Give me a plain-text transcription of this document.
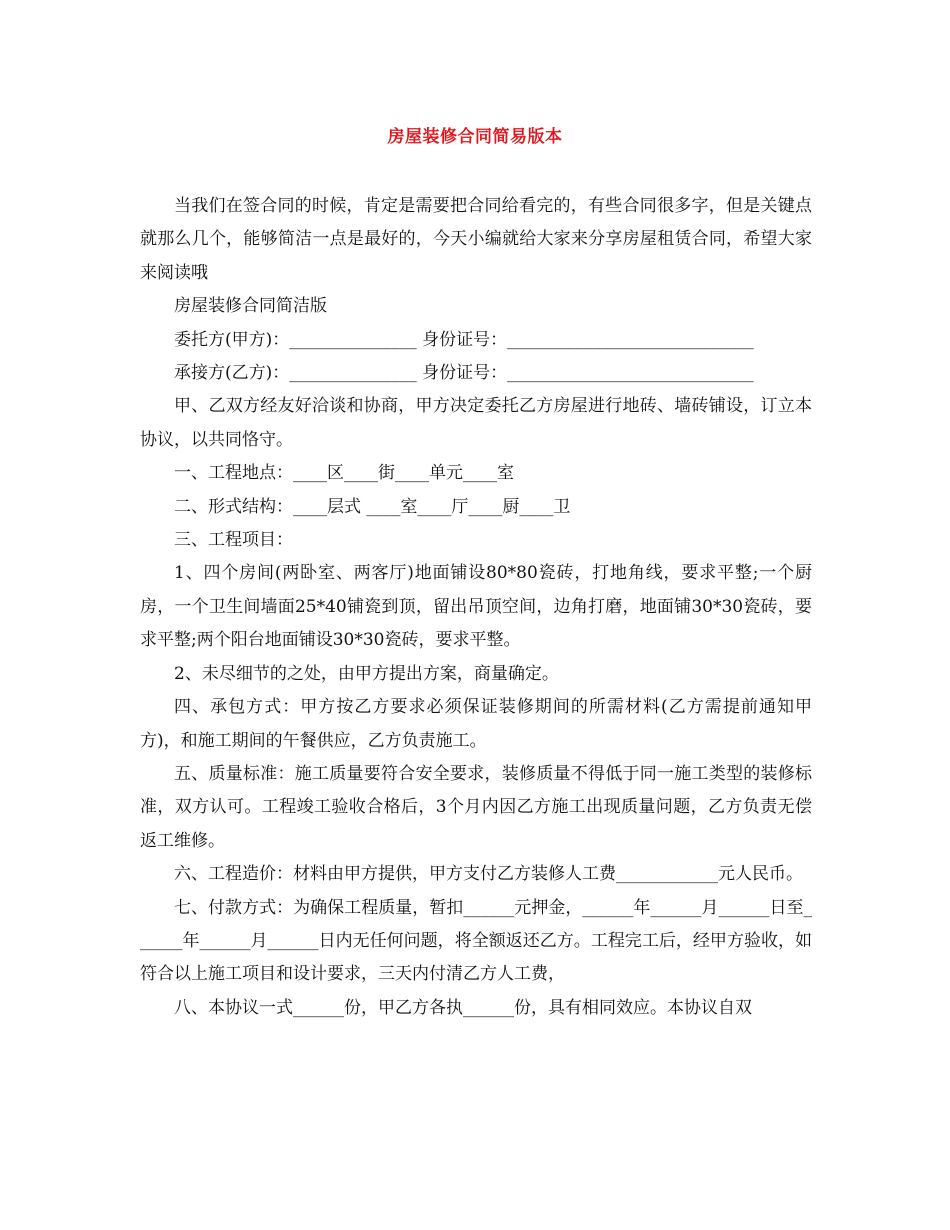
房屋装修合同简易版本

当我们在签合同的时候，肯定是需要把合同给看完的，有些合同很多字，但是关键点就那么几个，能够简洁一点是最好的，今天小编就给大家来分享房屋租赁合同，希望大家来阅读哦

房屋装修合同简洁版

委托方(甲方)：_______________ 身份证号：_____________________________

承接方(乙方)：_______________ 身份证号：_____________________________

甲、乙双方经友好洽谈和协商，甲方决定委托乙方房屋进行地砖、墙砖铺设，订立本协议，以共同恪守。

一、工程地点：____区____街____单元____室

二、形式结构：____层式 ____室____厅____厨____卫

三、工程项目：

1、四个房间(两卧室、两客厅)地面铺设80*80瓷砖，打地角线，要求平整;一个厨房，一个卫生间墙面25*40铺瓷到顶，留出吊顶空间，边角打磨，地面铺30*30瓷砖，要求平整;两个阳台地面铺设30*30瓷砖，要求平整。

2、未尽细节的之处，由甲方提出方案，商量确定。

四、承包方式：甲方按乙方要求必须保证装修期间的所需材料(乙方需提前通知甲方)，和施工期间的午餐供应，乙方负责施工。

五、质量标准：施工质量要符合安全要求，装修质量不得低于同一施工类型的装修标准，双方认可。工程竣工验收合格后，3个月内因乙方施工出现质量问题，乙方负责无偿返工维修。

六、工程造价：材料由甲方提供，甲方支付乙方装修人工费____________元人民币。

七、付款方式：为确保工程质量，暂扣______元押金，______年______月______日至______年______月______日内无任何问题，将全额返还乙方。工程完工后，经甲方验收，如符合以上施工项目和设计要求，三天内付清乙方人工费，

八、本协议一式______份，甲乙方各执______份，具有相同效应。本协议自双
